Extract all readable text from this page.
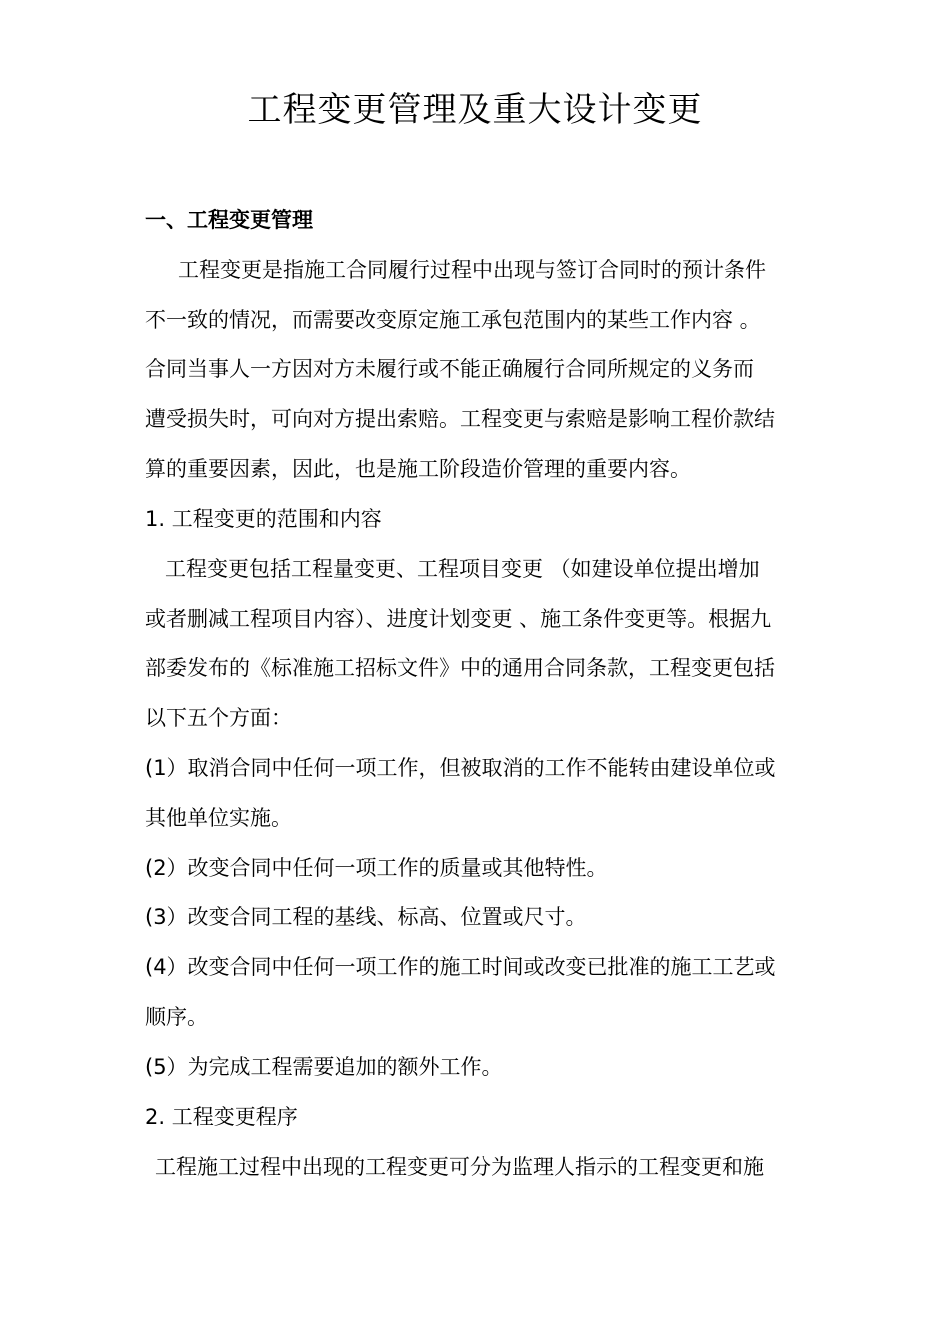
工程变更管理及重大设计变更
一、工程变更管理
工程变更是指施工合同履行过程中出现与签订合同时的预计条件
不一致的情况，而需要改变原定施工承包范围内的某些工作内容 。
合同当事人一方因对方未履行或不能正确履行合同所规定的义务而
遭受损失时，可向对方提出索赔。工程变更与索赔是影响工程价款结
算的重要因素，因此，也是施工阶段造价管理的重要内容。
1. 工程变更的范围和内容
工程变更包括工程量变更、工程项目变更 （如建设单位提出增加
或者删减工程项目内容）、进度计划变更 、施工条件变更等。根据九
部委发布的《标准施工招标文件》中的通用合同条款，工程变更包括
以下五个方面：
(1）取消合同中任何一项工作，但被取消的工作不能转由建设单位或
其他单位实施。
(2）改变合同中任何一项工作的质量或其他特性。
(3）改变合同工程的基线、标高、位置或尺寸。
(4）改变合同中任何一项工作的施工时间或改变已批准的施工工艺或
顺序。
(5）为完成工程需要追加的额外工作。
2. 工程变更程序
工程施工过程中出现的工程变更可分为监理人指示的工程变更和施
